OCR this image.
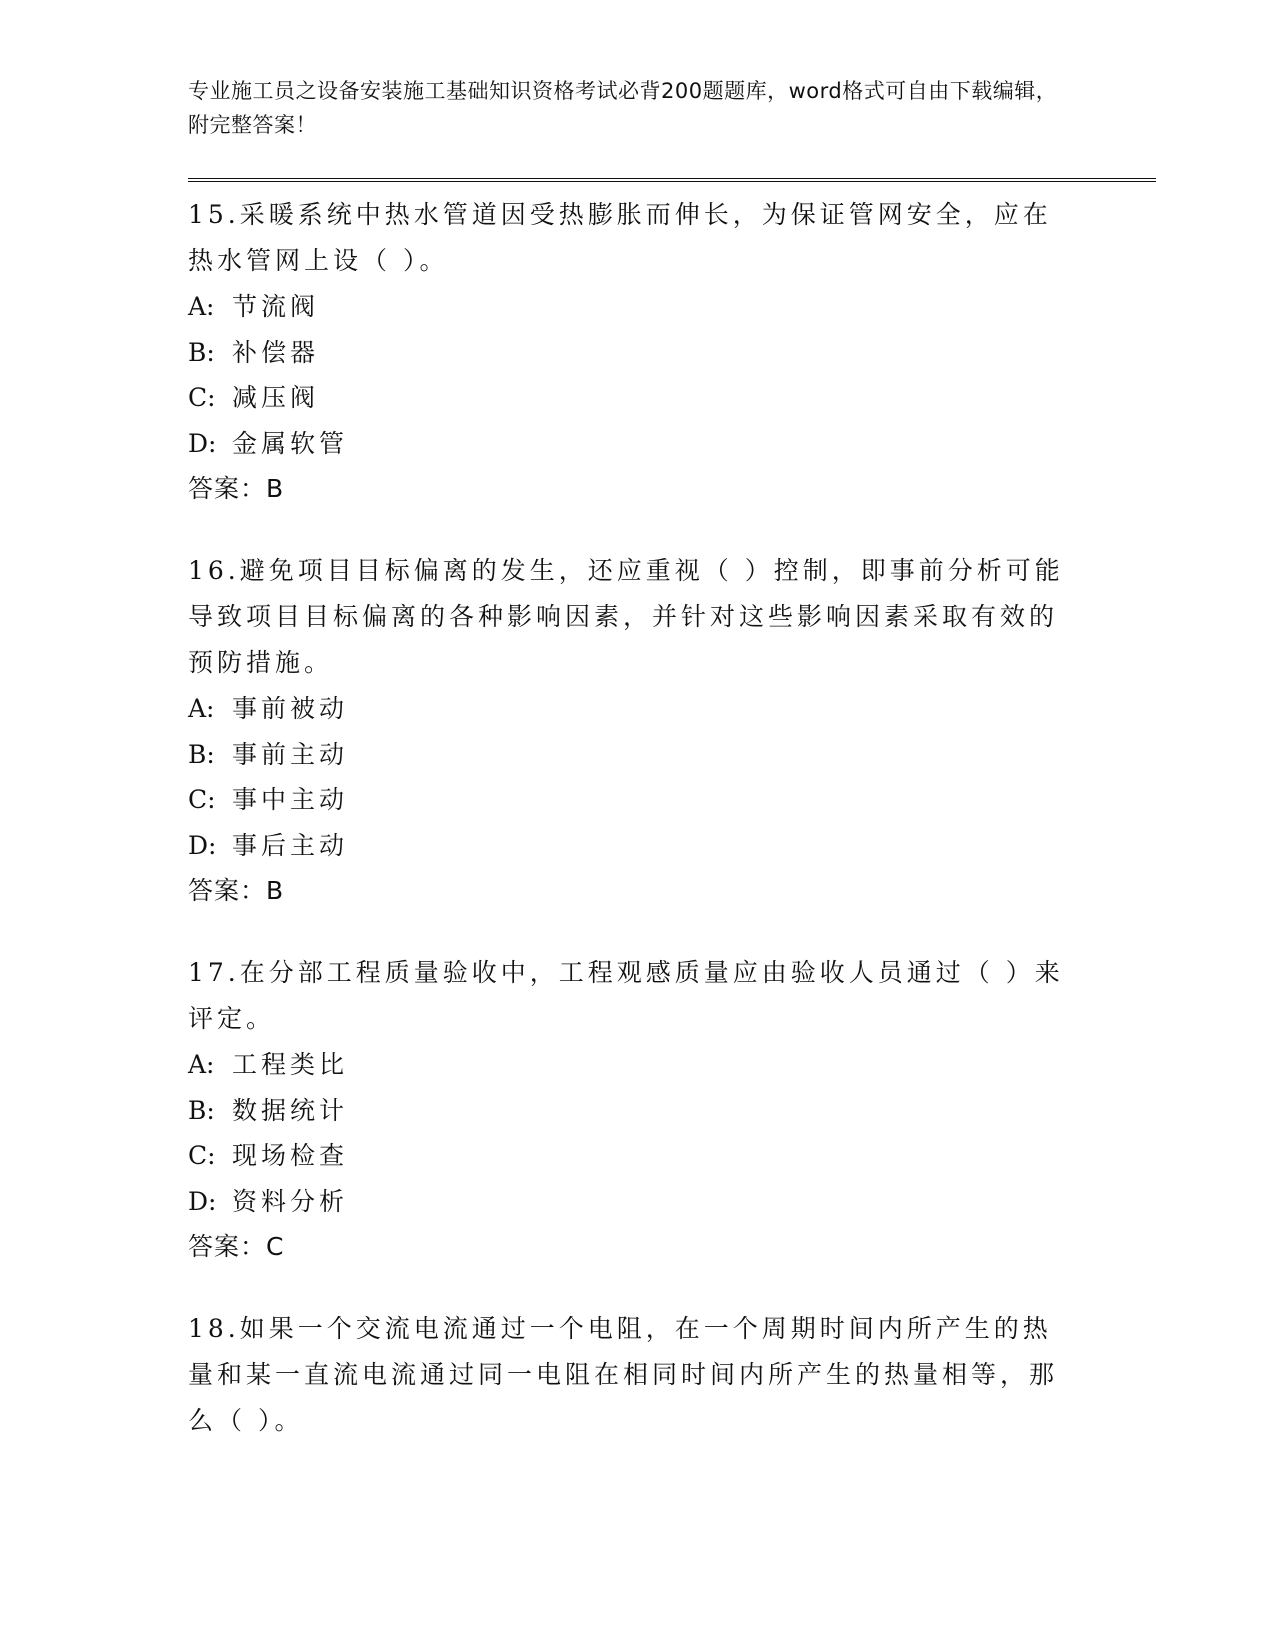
专业施工员之设备安装施工基础知识资格考试必背200题题库，word格式可自由下载编辑，附完整答案！

15.采暖系统中热水管道因受热膨胀而伸长，为保证管网安全，应在热水管网上设（ ）。

A: 节流阀

B: 补偿器

C: 减压阀

D: 金属软管

答案：B

16.避免项目目标偏离的发生，还应重视（ ）控制，即事前分析可能导致项目目标偏离的各种影响因素，并针对这些影响因素采取有效的预防措施。

A: 事前被动

B: 事前主动

C: 事中主动

D: 事后主动

答案：B

17.在分部工程质量验收中，工程观感质量应由验收人员通过（ ）来评定。

A: 工程类比

B: 数据统计

C: 现场检查

D: 资料分析

答案：C

18.如果一个交流电流通过一个电阻，在一个周期时间内所产生的热量和某一直流电流通过同一电阻在相同时间内所产生的热量相等，那么（ ）。
